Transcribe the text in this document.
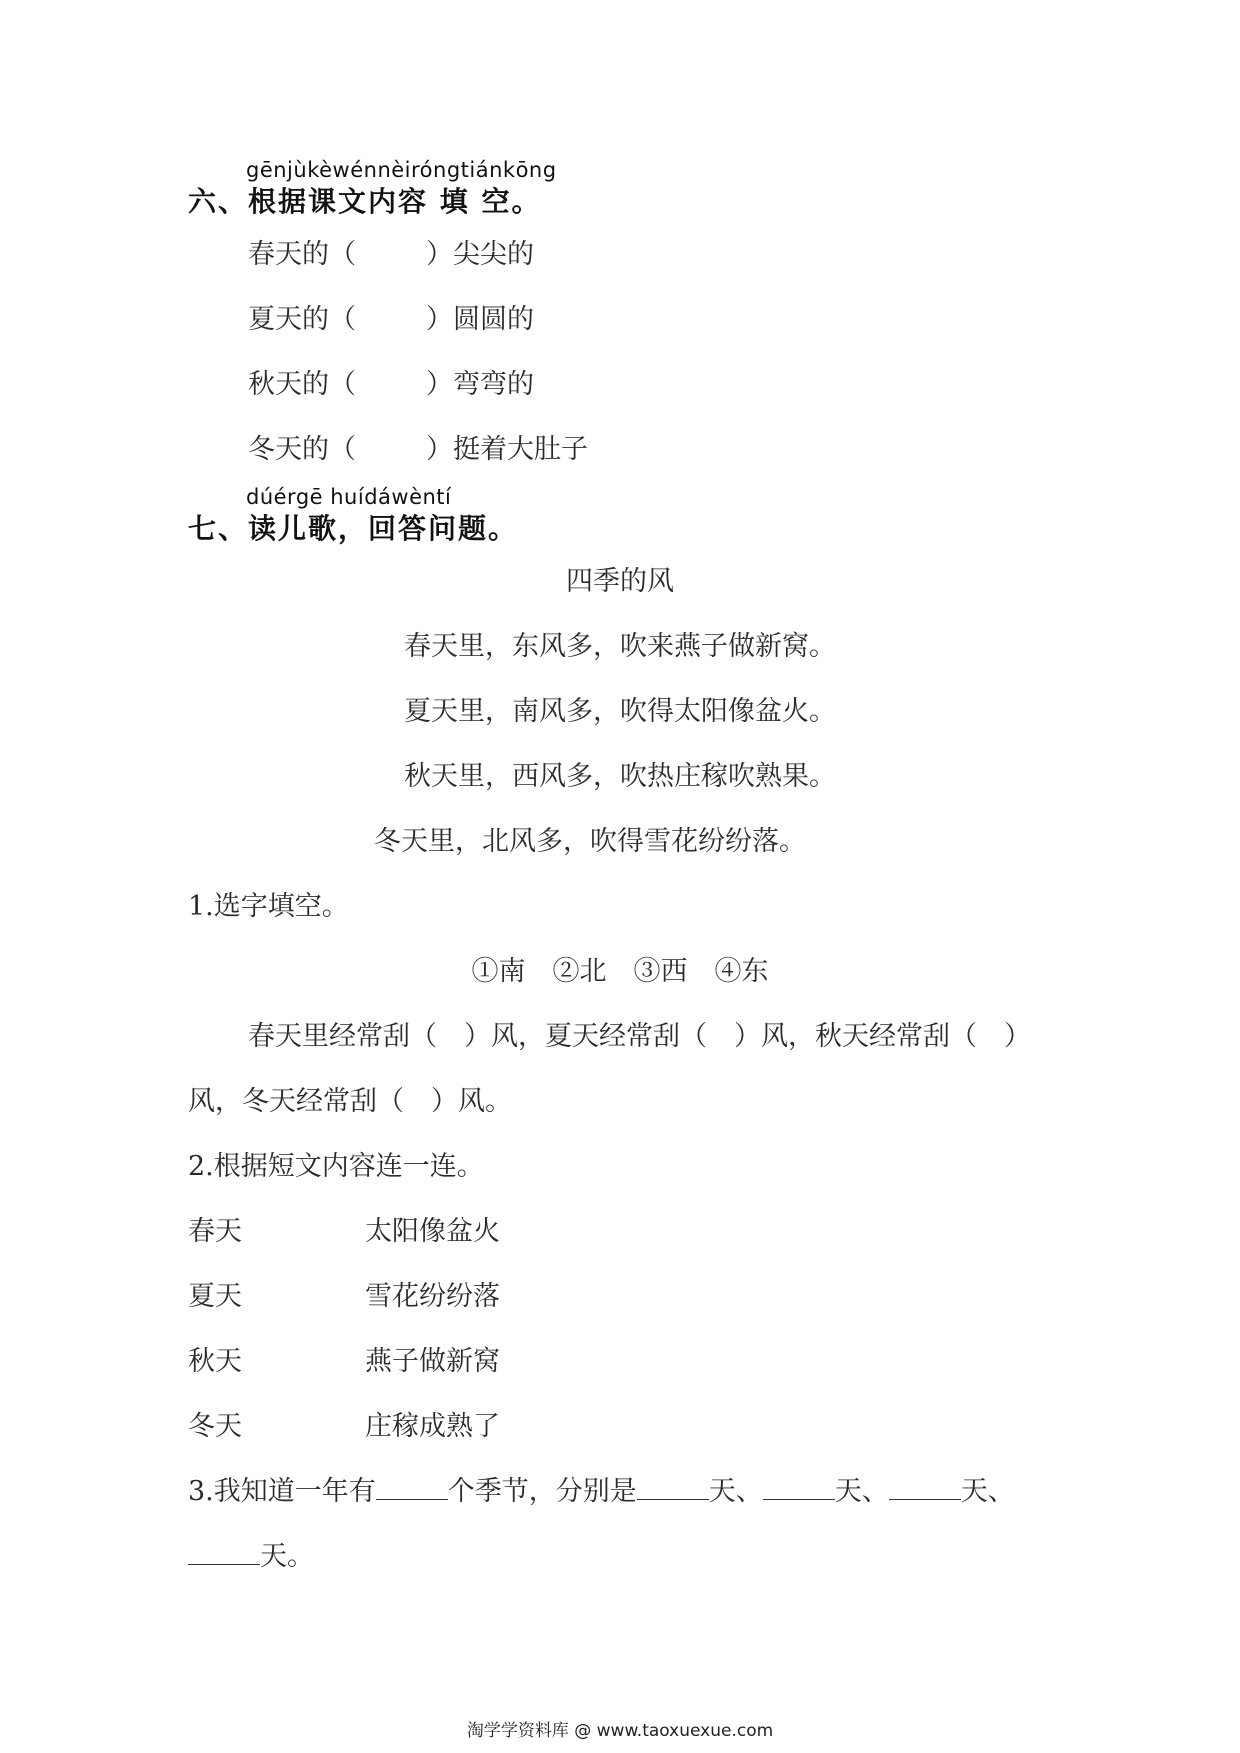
gēnjùkèwénnèiróngtiánkōng
六、根据课文内容 填 空。
春天的（	）尖尖的
夏天的（	）圆圆的
秋天的（	）弯弯的
冬天的（	）挺着大肚子
dúérgē huídáwèntí
七、读儿歌，回答问题。
四季的风
春天里，东风多，吹来燕子做新窝。
夏天里，南风多，吹得太阳像盆火。
秋天里，西风多，吹热庄稼吹熟果。
冬天里，北风多，吹得雪花纷纷落。
1.选字填空。
①南　②北　③西　④东
春天里经常刮（　）风，夏天经常刮（　）风，秋天经常刮（　）
风，冬天经常刮（　）风。
2.根据短文内容连一连。
春天	太阳像盆火
夏天	雪花纷纷落
秋天	燕子做新窝
冬天	庄稼成熟了
3.我知道一年有	个季节，分别是	天、	天、	天、
天。
淘学学资料库 @ www.taoxuexue.com
